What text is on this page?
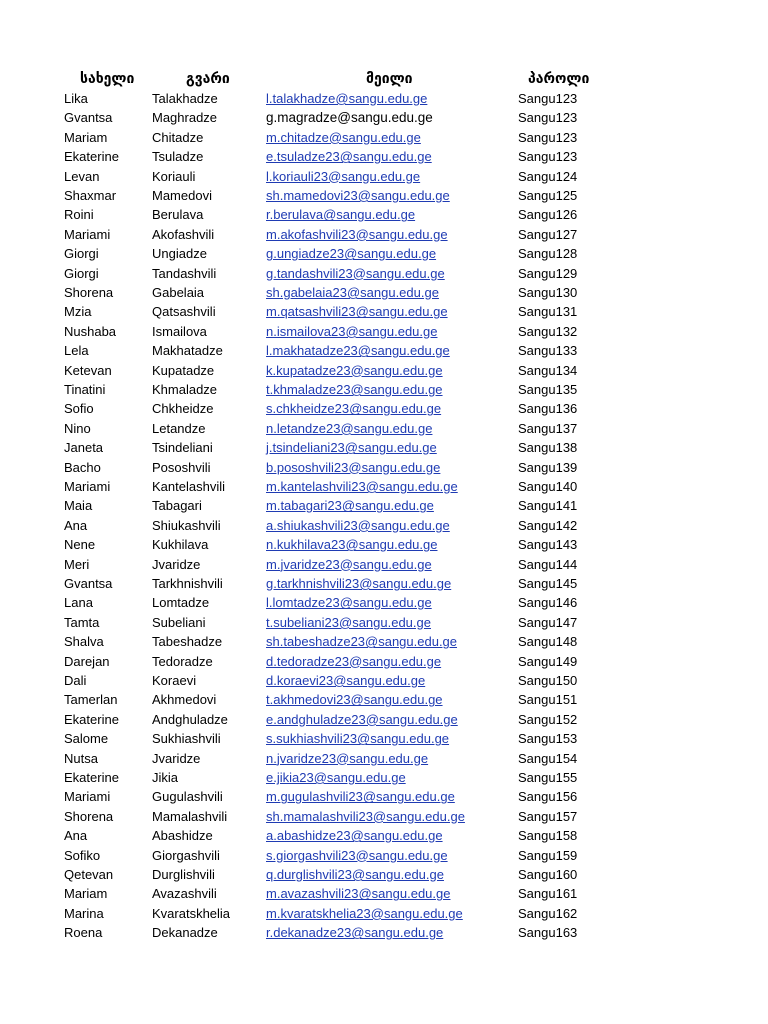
სახელი	გვარი	მეილი	პაროლი
Lika	Talakhadze	l.talakhadze@sangu.edu.ge	Sangu123
Gvantsa	Maghradze	g.magradze@sangu.edu.ge	Sangu123
Mariam	Chitadze	m.chitadze@sangu.edu.ge	Sangu123
Ekaterine	Tsuladze	e.tsuladze23@sangu.edu.ge	Sangu123
Levan	Koriauli	l.koriauli23@sangu.edu.ge	Sangu124
Shaxmar	Mamedovi	sh.mamedovi23@sangu.edu.ge	Sangu125
Roini	Berulava	r.berulava@sangu.edu.ge	Sangu126
Mariami	Akofashvili	m.akofashvili23@sangu.edu.ge	Sangu127
Giorgi	Ungiadze	g.ungiadze23@sangu.edu.ge	Sangu128
Giorgi	Tandashvili	g.tandashvili23@sangu.edu.ge	Sangu129
Shorena	Gabelaia	sh.gabelaia23@sangu.edu.ge	Sangu130
Mzia	Qatsashvili	m.qatsashvili23@sangu.edu.ge	Sangu131
Nushaba	Ismailova	n.ismailova23@sangu.edu.ge	Sangu132
Lela	Makhatadze	l.makhatadze23@sangu.edu.ge	Sangu133
Ketevan	Kupatadze	k.kupatadze23@sangu.edu.ge	Sangu134
Tinatini	Khmaladze	t.khmaladze23@sangu.edu.ge	Sangu135
Sofio	Chkheidze	s.chkheidze23@sangu.edu.ge	Sangu136
Nino	Letandze	n.letandze23@sangu.edu.ge	Sangu137
Janeta	Tsindeliani	j.tsindeliani23@sangu.edu.ge	Sangu138
Bacho	Pososhvili	b.pososhvili23@sangu.edu.ge	Sangu139
Mariami	Kantelashvili	m.kantelashvili23@sangu.edu.ge	Sangu140
Maia	Tabagari	m.tabagari23@sangu.edu.ge	Sangu141
Ana	Shiukashvili	a.shiukashvili23@sangu.edu.ge	Sangu142
Nene	Kukhilava	n.kukhilava23@sangu.edu.ge	Sangu143
Meri	Jvaridze	m.jvaridze23@sangu.edu.ge	Sangu144
Gvantsa	Tarkhnishvili	g.tarkhnishvili23@sangu.edu.ge	Sangu145
Lana	Lomtadze	l.lomtadze23@sangu.edu.ge	Sangu146
Tamta	Subeliani	t.subeliani23@sangu.edu.ge	Sangu147
Shalva	Tabeshadze	sh.tabeshadze23@sangu.edu.ge	Sangu148
Darejan	Tedoradze	d.tedoradze23@sangu.edu.ge	Sangu149
Dali	Koraevi	d.koraevi23@sangu.edu.ge	Sangu150
Tamerlan	Akhmedovi	t.akhmedovi23@sangu.edu.ge	Sangu151
Ekaterine	Andghuladze	e.andghuladze23@sangu.edu.ge	Sangu152
Salome	Sukhiashvili	s.sukhiashvili23@sangu.edu.ge	Sangu153
Nutsa	Jvaridze	n.jvaridze23@sangu.edu.ge	Sangu154
Ekaterine	Jikia	e.jikia23@sangu.edu.ge	Sangu155
Mariami	Gugulashvili	m.gugulashvili23@sangu.edu.ge	Sangu156
Shorena	Mamalashvili	sh.mamalashvili23@sangu.edu.ge	Sangu157
Ana	Abashidze	a.abashidze23@sangu.edu.ge	Sangu158
Sofiko	Giorgashvili	s.giorgashvili23@sangu.edu.ge	Sangu159
Qetevan	Durglishvili	q.durglishvili23@sangu.edu.ge	Sangu160
Mariam	Avazashvili	m.avazashvili23@sangu.edu.ge	Sangu161
Marina	Kvaratskhelia	m.kvaratskhelia23@sangu.edu.ge	Sangu162
Roena	Dekanadze	r.dekanadze23@sangu.edu.ge	Sangu163
